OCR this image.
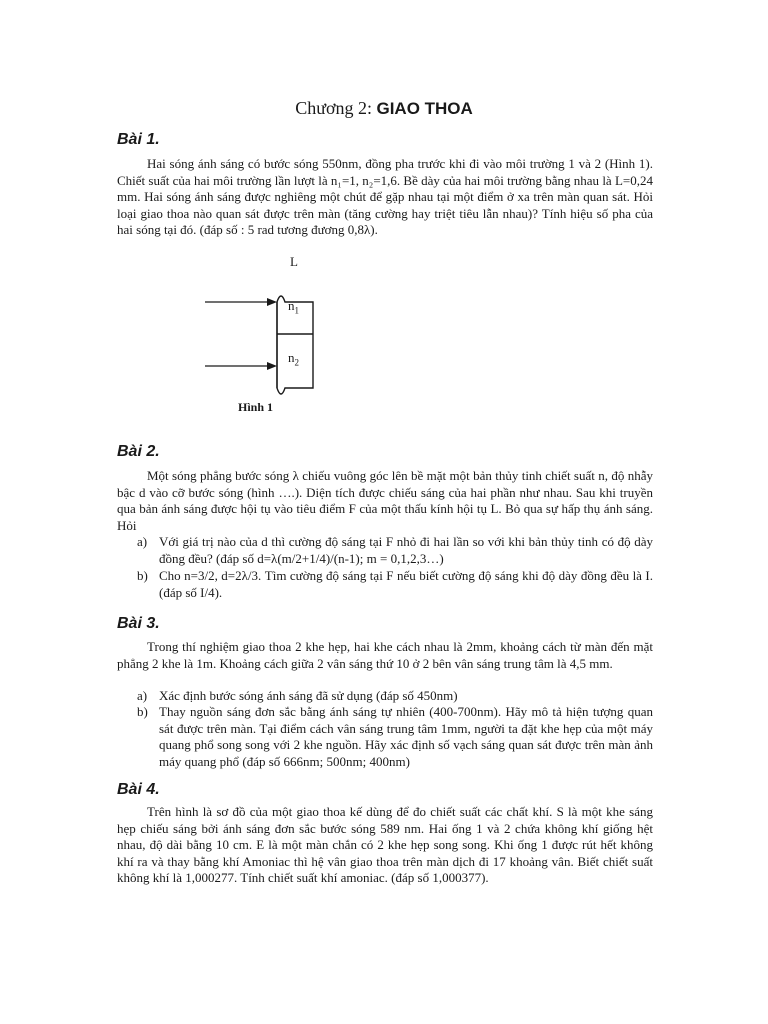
Chương 2: GIAO THOA
Bài 1.
Hai sóng ánh sáng có bước sóng 550nm, đồng pha trước khi đi vào môi trường 1 và 2 (Hình 1). Chiết suất của hai môi trường lần lượt là n₁=1, n₂=1,6. Bề dày của hai môi trường bằng nhau là L=0,24 mm. Hai sóng ánh sáng được nghiêng một chút để gặp nhau tại một điểm ở xa trên màn quan sát. Hỏi loại giao thoa nào quan sát được trên màn (tăng cường hay triệt tiêu lẫn nhau)? Tính hiệu số pha của hai sóng tại đó. (đáp số : 5 rad tương đương 0,8λ).
L
$n_1$
$n_2$
Hình 1
Bài 2.
Một sóng phẳng bước sóng λ chiếu vuông góc lên bề mặt một bản thủy tinh chiết suất n, độ nhẫy bậc d vào cỡ bước sóng (hình ….). Diện tích được chiếu sáng của hai phần như nhau. Sau khi truyền qua bản ánh sáng được hội tụ vào tiêu điểm F của một thấu kính hội tụ L. Bỏ qua sự hấp thụ ánh sáng. Hỏi
a) Với giá trị nào của d thì cường độ sáng tại F nhỏ đi hai lần so với khi bản thủy tinh có độ dày đồng đều? (đáp số d=λ(m/2+1/4)/(n-1); m = 0,1,2,3…)
b) Cho n=3/2, d=2λ/3. Tìm cường độ sáng tại F nếu biết cường độ sáng khi độ dày đồng đều là I. (đáp số I/4).
Bài 3.
Trong thí nghiệm giao thoa 2 khe hẹp, hai khe cách nhau là 2mm, khoảng cách từ màn đến mặt phẳng 2 khe là 1m. Khoảng cách giữa 2 vân sáng thứ 10 ở 2 bên vân sáng trung tâm là 4,5 mm.
a) Xác định bước sóng ánh sáng đã sử dụng (đáp số 450nm)
b) Thay nguồn sáng đơn sắc bằng ánh sáng tự nhiên (400-700nm). Hãy mô tả hiện tượng quan sát được trên màn. Tại điểm cách vân sáng trung tâm 1mm, người ta đặt khe hẹp của một máy quang phổ song song với 2 khe nguồn. Hãy xác định số vạch sáng quan sát được trên màn ảnh máy quang phổ (đáp số 666nm; 500nm; 400nm)
Bài 4.
Trên hình là sơ đồ của một giao thoa kế dùng để đo chiết suất các chất khí. S là một khe sáng hẹp chiếu sáng bởi ánh sáng đơn sắc bước sóng 589 nm. Hai ống 1 và 2 chứa không khí giống hệt nhau, độ dài bằng 10 cm. E là một màn chắn có 2 khe hẹp song song. Khi ống 1 được rút hết không khí ra và thay bằng khí Amoniac thì hệ vân giao thoa trên màn dịch đi 17 khoảng vân. Biết chiết suất không khí là 1,000277. Tính chiết suất khí amoniac. (đáp số 1,000377).
